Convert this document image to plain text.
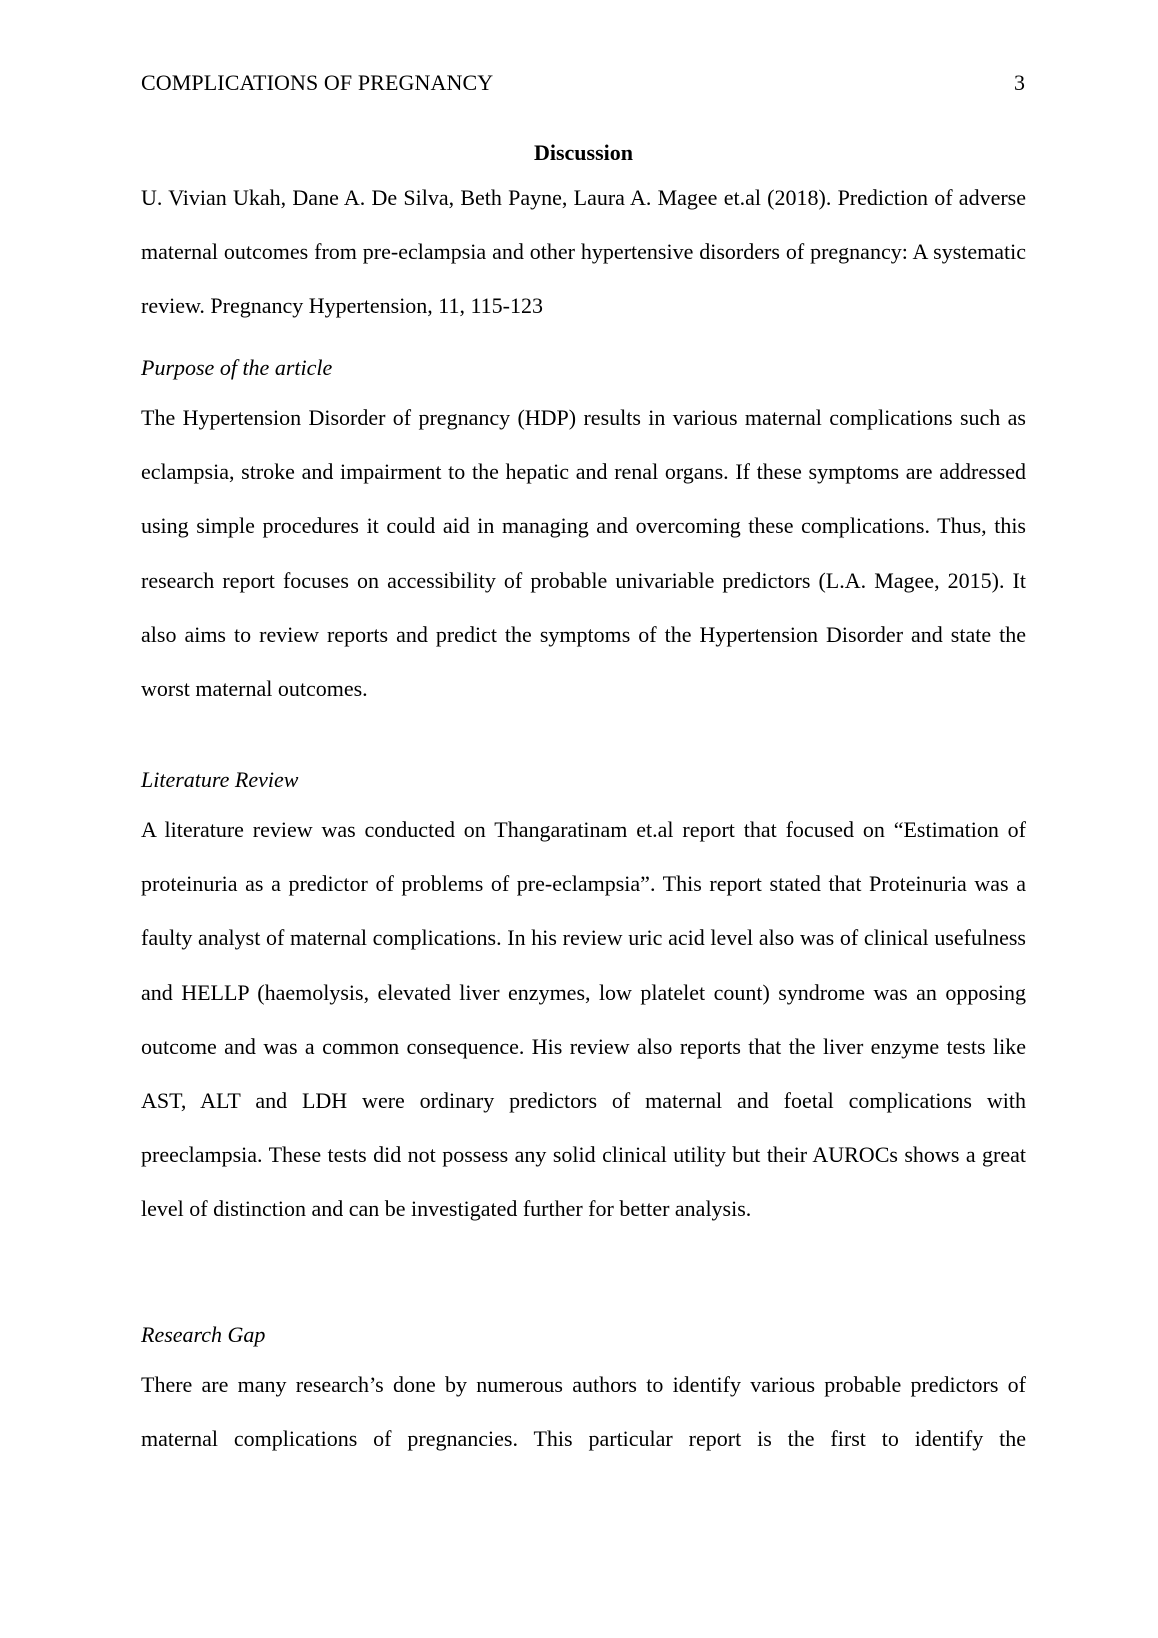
COMPLICATIONS OF PREGNANCY	3
Discussion

U. Vivian Ukah, Dane A. De Silva, Beth Payne, Laura A. Magee et.al (2018). Prediction of adverse maternal outcomes from pre-eclampsia and other hypertensive disorders of pregnancy: A systematic review. Pregnancy Hypertension, 11, 115-123

Purpose of the article

The Hypertension Disorder of pregnancy (HDP) results in various maternal complications such as eclampsia, stroke and impairment to the hepatic and renal organs. If these symptoms are addressed using simple procedures it could aid in managing and overcoming these complications. Thus, this research report focuses on accessibility of probable univariable predictors (L.A. Magee, 2015). It also aims to review reports and predict the symptoms of the Hypertension Disorder and state the worst maternal outcomes.

Literature Review

A literature review was conducted on Thangaratinam et.al report that focused on “Estimation of proteinuria as a predictor of problems of pre-eclampsia”. This report stated that Proteinuria was a faulty analyst of maternal complications. In his review uric acid level also was of clinical usefulness and HELLP (haemolysis, elevated liver enzymes, low platelet count) syndrome was an opposing outcome and was a common consequence. His review also reports that the liver enzyme tests like AST, ALT and LDH were ordinary predictors of maternal and foetal complications with preeclampsia. These tests did not possess any solid clinical utility but their AUROCs shows a great level of distinction and can be investigated further for better analysis.

Research Gap

There are many research’s done by numerous authors to identify various probable predictors of maternal complications of pregnancies. This particular report is the first to identify the
